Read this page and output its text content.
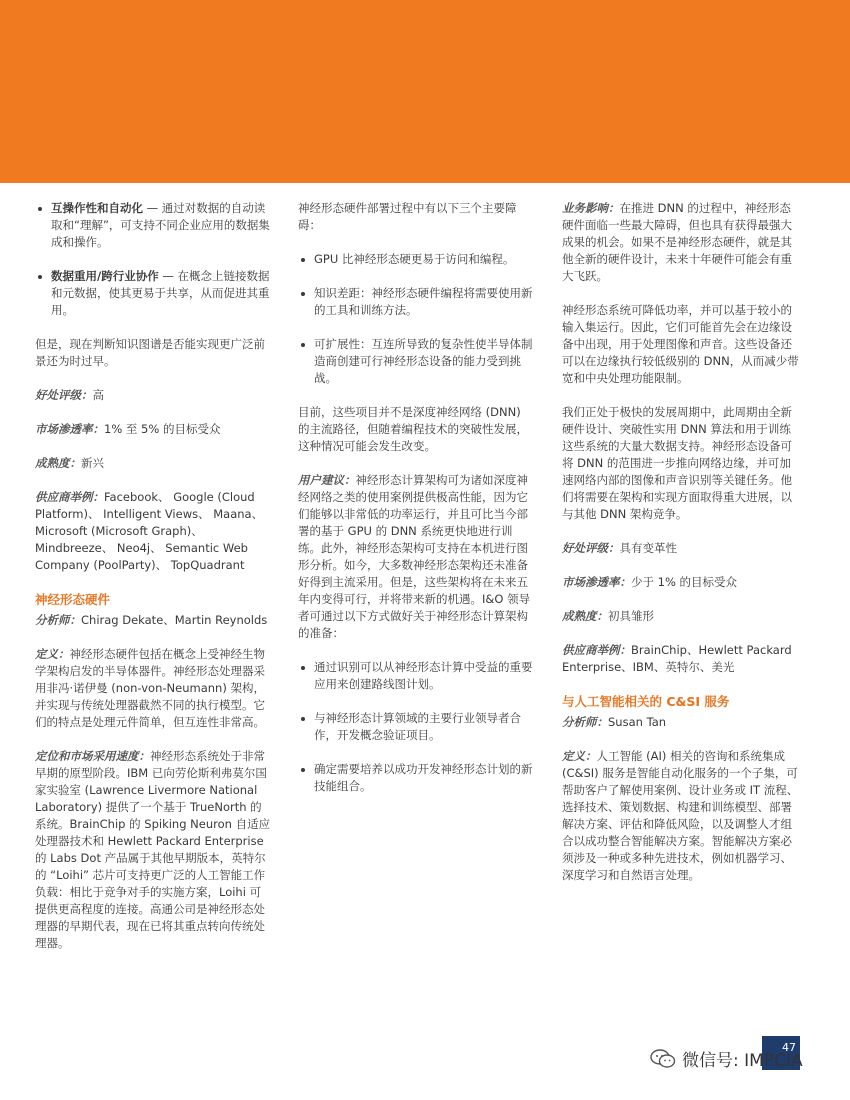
互操作性和自动化 — 通过对数据的自动读取和“理解”，可支持不同企业应用的数据集成和操作。
数据重用/跨行业协作 — 在概念上链接数据和元数据，使其更易于共享，从而促进其重用。

但是，现在判断知识图谱是否能实现更广泛前景还为时过早。

好处评级：高

市场渗透率：1% 至 5% 的目标受众

成熟度：新兴

供应商举例：Facebook、 Google (Cloud Platform)、 Intelligent Views、 Maana、 Microsoft (Microsoft Graph)、 Mindbreeze、 Neo4j、 Semantic Web Company (PoolParty)、 TopQuadrant

神经形态硬件

分析师：Chirag Dekate、Martin Reynolds

定义：神经形态硬件包括在概念上受神经生物学架构启发的半导体器件。神经形态处理器采用非冯·诺伊曼 (non-von-Neumann) 架构，并实现与传统处理器截然不同的执行模型。它们的特点是处理元件简单，但互连性非常高。

定位和市场采用速度：神经形态系统处于非常早期的原型阶段。IBM 已向劳伦斯利弗莫尔国家实验室 (Lawrence Livermore National Laboratory) 提供了一个基于 TrueNorth 的系统。BrainChip 的 Spiking Neuron 自适应处理器技术和 Hewlett Packard Enterprise 的 Labs Dot 产品属于其他早期版本，英特尔的 “Loihi” 芯片可支持更广泛的人工智能工作负载：相比于竞争对手的实施方案，Loihi 可提供更高程度的连接。高通公司是神经形态处理器的早期代表，现在已将其重点转向传统处理器。

神经形态硬件部署过程中有以下三个主要障碍：

GPU 比神经形态硬更易于访问和编程。
知识差距：神经形态硬件编程将需要使用新的工具和训练方法。
可扩展性：互连所导致的复杂性使半导体制造商创建可行神经形态设备的能力受到挑战。

目前，这些项目并不是深度神经网络 (DNN) 的主流路径，但随着编程技术的突破性发展，这种情况可能会发生改变。

用户建议：神经形态计算架构可为诸如深度神经网络之类的使用案例提供极高性能，因为它们能够以非常低的功率运行，并且可比当今部署的基于 GPU 的 DNN 系统更快地进行训练。此外，神经形态架构可支持在本机进行图形分析。如今，大多数神经形态架构还未准备好得到主流采用。但是，这些架构将在未来五年内变得可行，并将带来新的机遇。I&O 领导者可通过以下方式做好关于神经形态计算架构的准备：

通过识别可以从神经形态计算中受益的重要应用来创建路线图计划。
与神经形态计算领域的主要行业领导者合作，开发概念验证项目。
确定需要培养以成功开发神经形态计划的新技能组合。

业务影响：在推进 DNN 的过程中，神经形态硬件面临一些最大障碍，但也具有获得最强大成果的机会。如果不是神经形态硬件，就是其他全新的硬件设计，未来十年硬件可能会有重大飞跃。

神经形态系统可降低功率，并可以基于较小的输入集运行。因此，它们可能首先会在边缘设备中出现，用于处理图像和声音。这些设备还可以在边缘执行较低级别的 DNN，从而减少带宽和中央处理功能限制。

我们正处于极快的发展周期中，此周期由全新硬件设计、突破性实用 DNN 算法和用于训练这些系统的大量大数据支持。神经形态设备可将 DNN 的范围进一步推向网络边缘，并可加速网络内部的图像和声音识别等关键任务。他们将需要在架构和实现方面取得重大进展，以与其他 DNN 架构竞争。

好处评级：具有变革性

市场渗透率：少于 1% 的目标受众

成熟度：初具雏形

供应商举例：BrainChip、Hewlett Packard Enterprise、IBM、英特尔、美光

与人工智能相关的 C&SI 服务

分析师：Susan Tan

定义：人工智能 (AI) 相关的咨询和系统集成 (C&SI) 服务是智能自动化服务的一个子集，可帮助客户了解使用案例、设计业务或 IT 流程、选择技术、策划数据、构建和训练模型、部署解决方案、评估和降低风险，以及调整人才组合以成功整合智能解决方案。智能解决方案必须涉及一种或多种先进技术，例如机器学习、深度学习和自然语言处理。

47
微信号: IMPCIA
